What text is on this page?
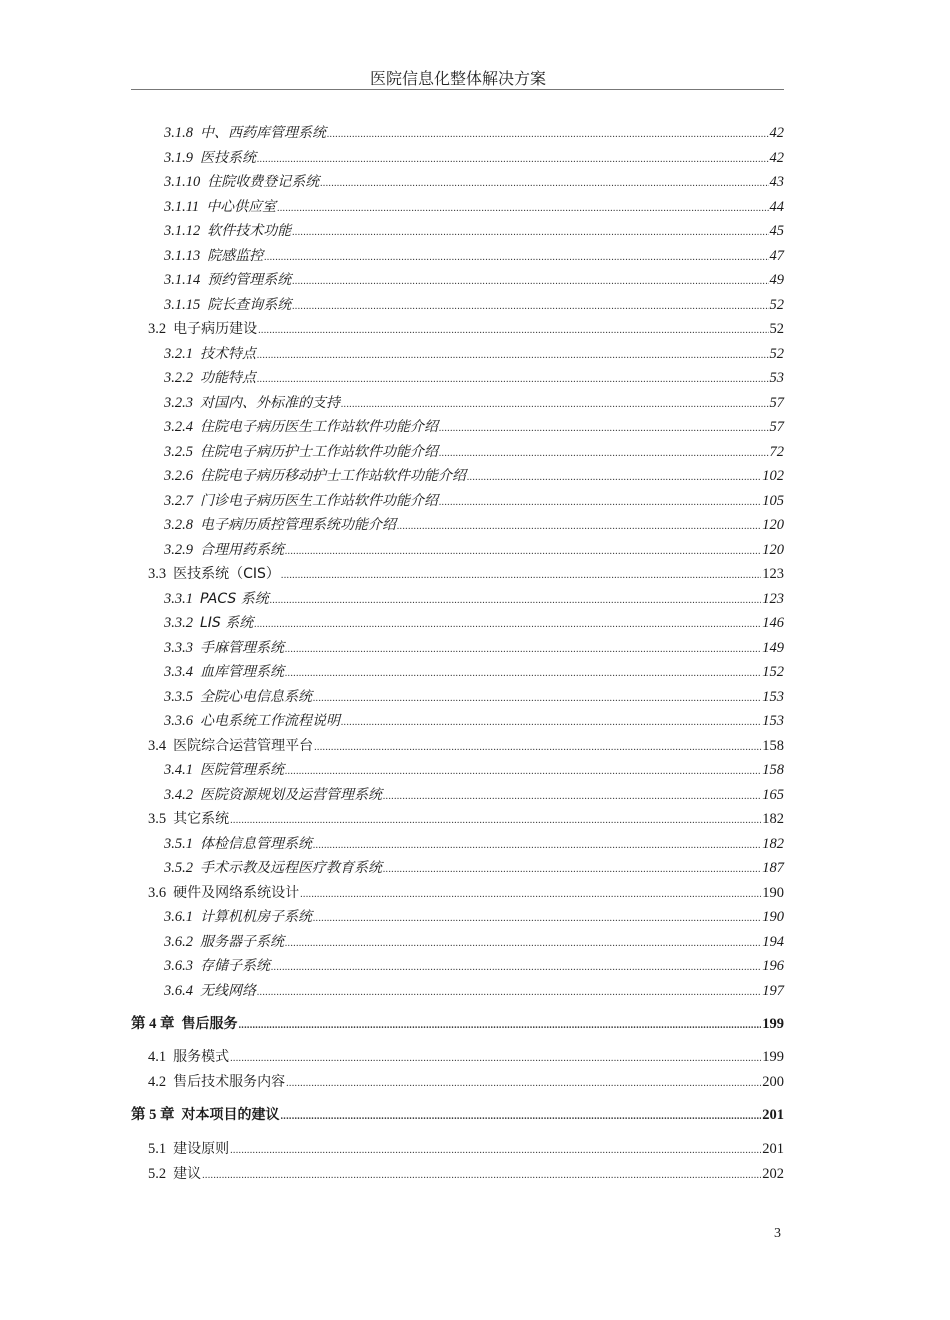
医院信息化整体解决方案
3.1.8 中、西药库管理系统 .....	42
3.1.9 医技系统 .....	42
3.1.10 住院收费登记系统 .....	43
3.1.11 中心供应室 .....	44
3.1.12 软件技术功能 .....	45
3.1.13 院感监控 .....	47
3.1.14 预约管理系统 .....	49
3.1.15 院长查询系统 .....	52
3.2 电子病历建设 .....	52
3.2.1 技术特点 .....	52
3.2.2 功能特点 .....	53
3.2.3 对国内、外标准的支持 .....	57
3.2.4 住院电子病历医生工作站软件功能介绍 .....	57
3.2.5 住院电子病历护士工作站软件功能介绍 .....	72
3.2.6 住院电子病历移动护士工作站软件功能介绍 .....	102
3.2.7 门诊电子病历医生工作站软件功能介绍 .....	105
3.2.8 电子病历质控管理系统功能介绍 .....	120
3.2.9 合理用药系统 .....	120
3.3 医技系统（CIS） .....	123
3.3.1 PACS 系统 .....	123
3.3.2 LIS 系统 .....	146
3.3.3 手麻管理系统 .....	149
3.3.4 血库管理系统 .....	152
3.3.5 全院心电信息系统 .....	153
3.3.6 心电系统工作流程说明 .....	153
3.4 医院综合运营管理平台 .....	158
3.4.1 医院管理系统 .....	158
3.4.2 医院资源规划及运营管理系统 .....	165
3.5 其它系统 .....	182
3.5.1 体检信息管理系统 .....	182
3.5.2 手术示教及远程医疗教育系统 .....	187
3.6 硬件及网络系统设计 .....	190
3.6.1 计算机机房子系统 .....	190
3.6.2 服务器子系统 .....	194
3.6.3 存储子系统 .....	196
3.6.4 无线网络 .....	197
第 4 章 售后服务 .....	199
4.1 服务模式 .....	199
4.2 售后技术服务内容 .....	200
第 5 章 对本项目的建议 .....	201
5.1 建设原则 .....	201
5.2 建议 .....	202
3
